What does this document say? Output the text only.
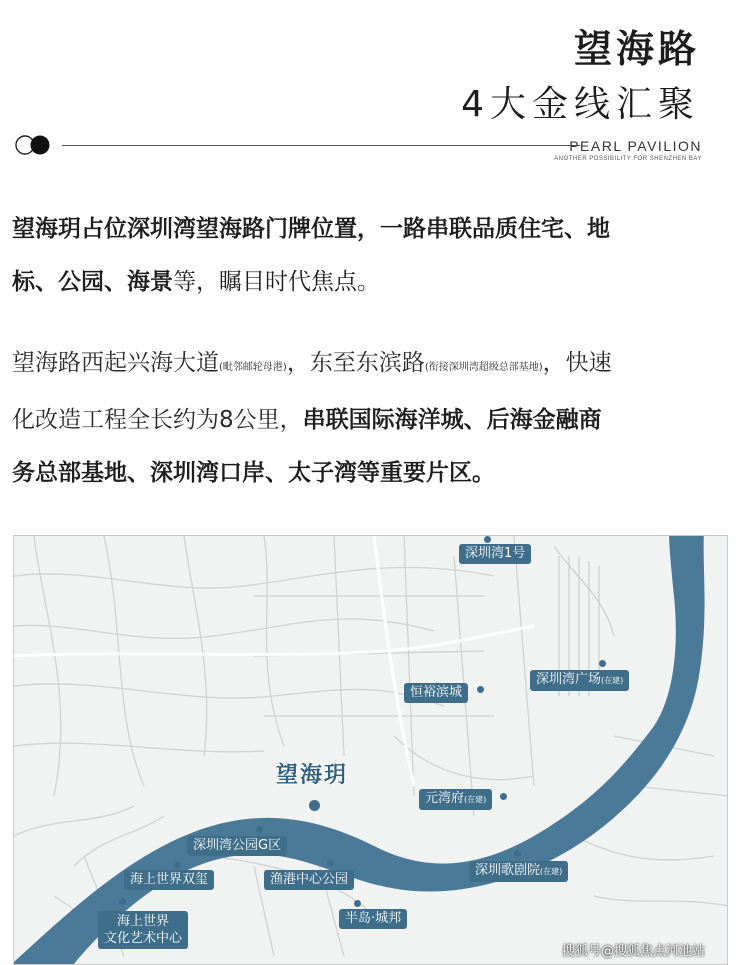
望海路
4大金线汇聚
PEARL PAVILION
ANOTHER POSSIBILITY FOR SHENZHEN BAY
望海玥占位深圳湾望海路门牌位置，一路串联品质住宅、地
标、公园、海景等，瞩目时代焦点。
望海路西起兴海大道(毗邻邮轮母港)，东至东滨路(衔接深圳湾超级总部基地)，快速
化改造工程全长约为8公里，串联国际海洋城、后海金融商
务总部基地、深圳湾口岸、太子湾等重要片区。
望海玥
深圳湾1号
深圳湾广场(在建)
恒裕滨城
元湾府(在建)
深圳湾公园G区
海上世界双玺	渔港中心公园
深圳歌剧院(在建)
半岛·城邦
海上世界
文化艺术中心
搜狐号@搜狐焦点河池站
